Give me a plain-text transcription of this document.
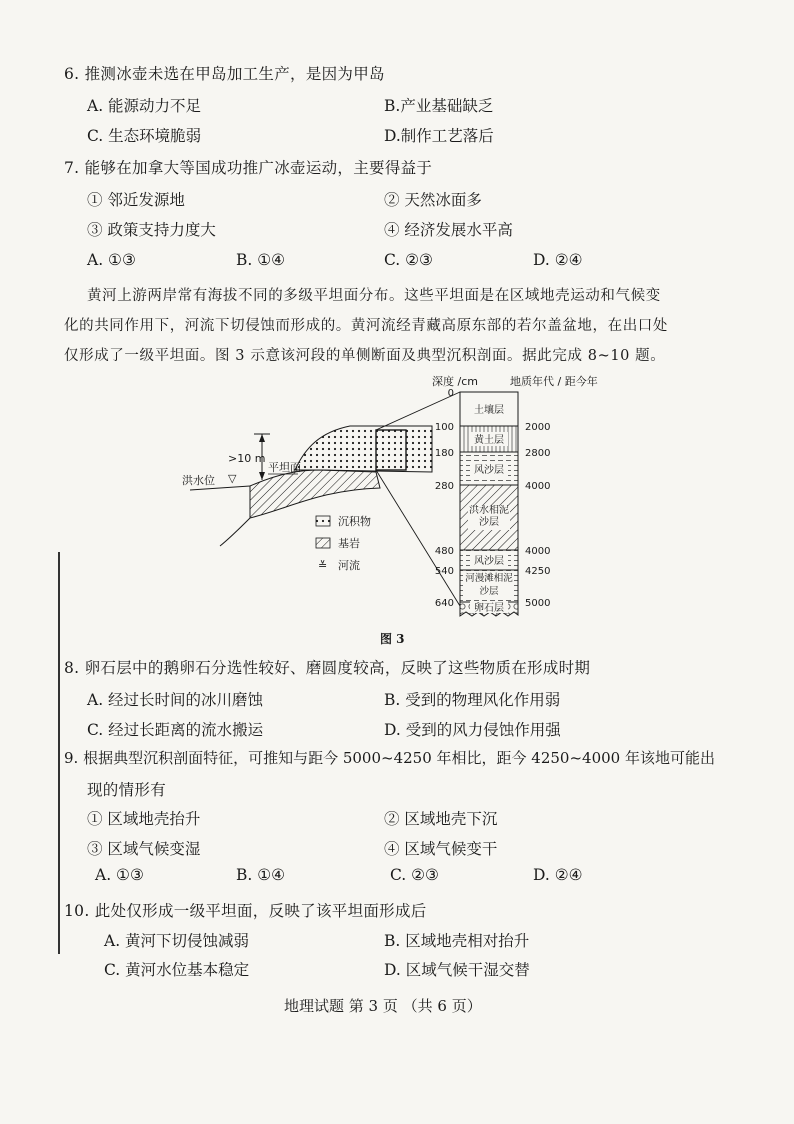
6. 推测冰壶未选在甲岛加工生产，是因为甲岛
A. 能源动力不足	B.产业基础缺乏
C. 生态环境脆弱	D.制作工艺落后
7. 能够在加拿大等国成功推广冰壶运动，主要得益于
① 邻近发源地	② 天然冰面多
③ 政策支持力度大	④ 经济发展水平高
A. ①③	B. ①④	C. ②③	D. ②④
黄河上游两岸常有海拔不同的多级平坦面分布。这些平坦面是在区域地壳运动和气候变
化的共同作用下，河流下切侵蚀而形成的。黄河流经青藏高原东部的若尔盖盆地，在出口处
仅形成了一级平坦面。图 3 示意该河段的单侧断面及典型沉积剖面。据此完成 8~10 题。
深度 /cm	地质年代 / 距今年
>10 m
平坦面
洪水位 ▽
沉积物
基岩
≚ 河流
土壤层
黄土层
风沙层
洪水相泥沙层
风沙层
河漫滩相泥沙层
卵石层
0
100
180
280
480
540
640
2000
2800
4000
4000
4250
5000
图 3
8. 卵石层中的鹅卵石分选性较好、磨圆度较高，反映了这些物质在形成时期
A. 经过长时间的冰川磨蚀	B. 受到的物理风化作用弱
C. 经过长距离的流水搬运	D. 受到的风力侵蚀作用强
9. 根据典型沉积剖面特征，可推知与距今 5000~4250 年相比，距今 4250~4000 年该地可能出
现的情形有
① 区域地壳抬升	② 区域地壳下沉
③ 区域气候变湿	④ 区域气候变干
A. ①③	B. ①④	C. ②③	D. ②④
10. 此处仅形成一级平坦面，反映了该平坦面形成后
A. 黄河下切侵蚀减弱	B. 区域地壳相对抬升
C. 黄河水位基本稳定	D. 区域气候干湿交替
地理试题 第 3 页 （共 6 页）
